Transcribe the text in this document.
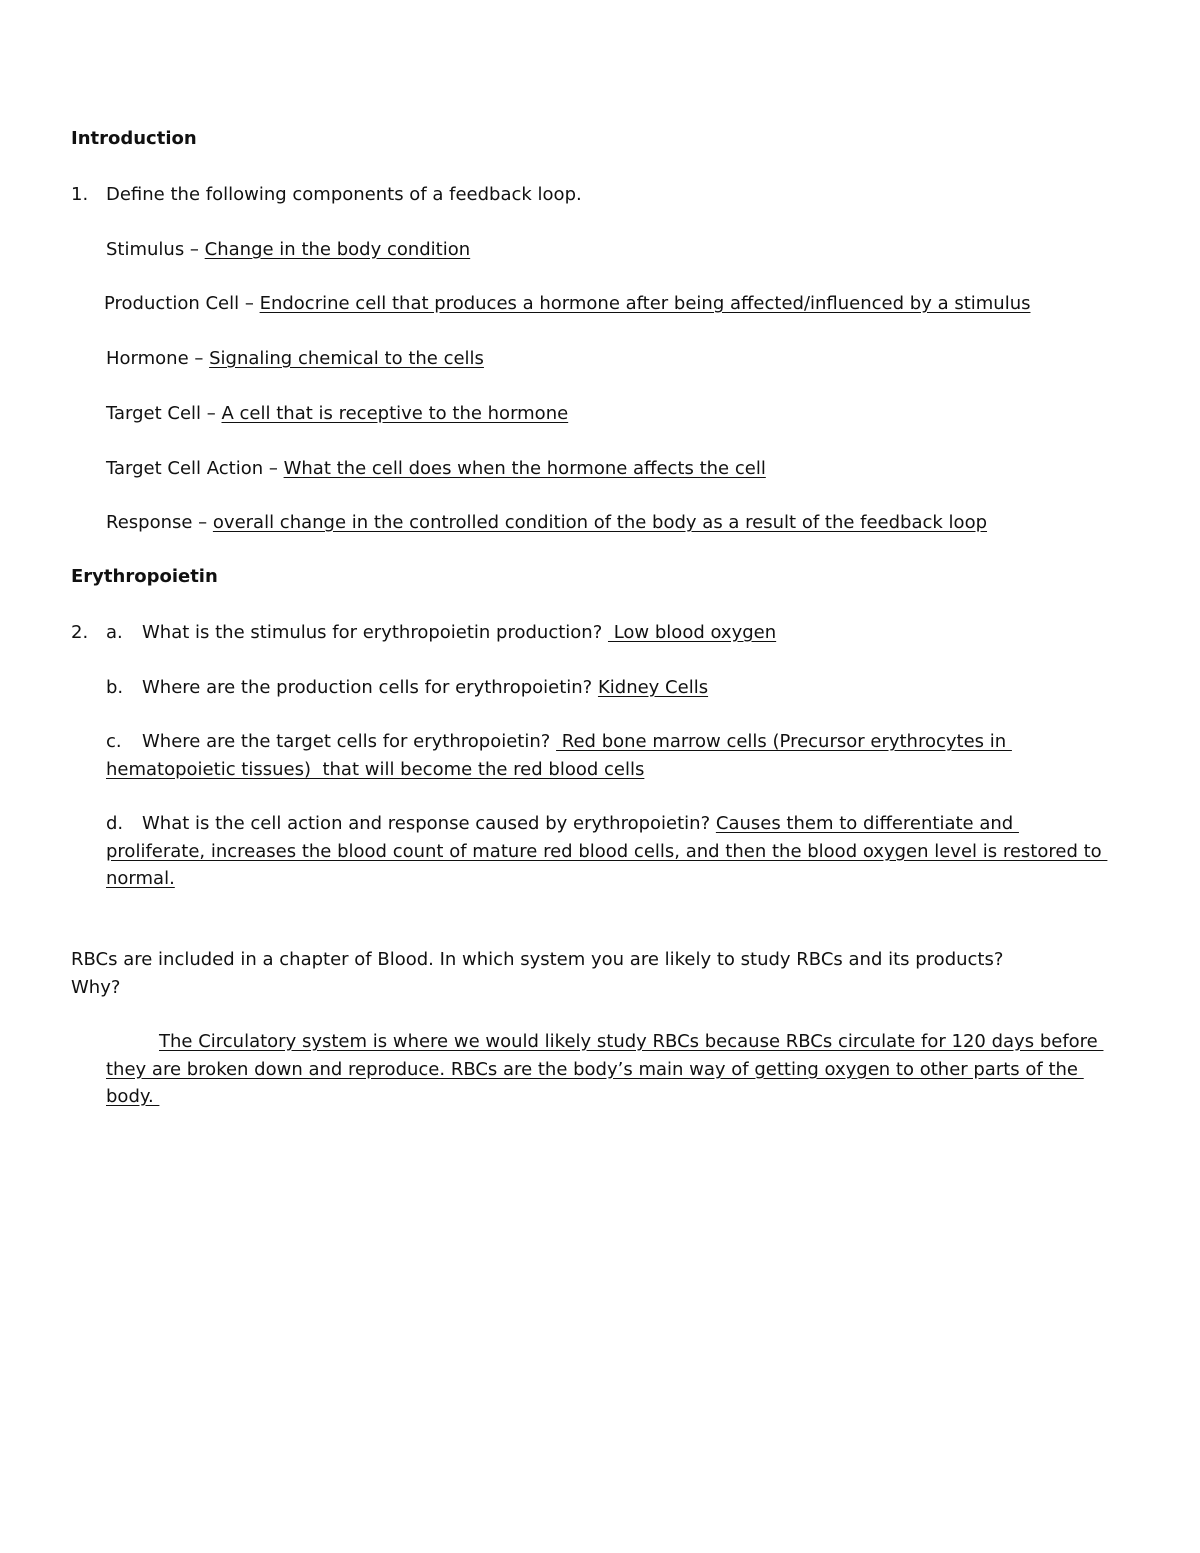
Introduction
1. Define the following components of a feedback loop.
Stimulus – Change in the body condition
Production Cell – Endocrine cell that produces a hormone after being affected/influenced by a stimulus
Hormone – Signaling chemical to the cells
Target Cell – A cell that is receptive to the hormone
Target Cell Action – What the cell does when the hormone affects the cell
Response – overall change in the controlled condition of the body as a result of the feedback loop
Erythropoietin
2. a. What is the stimulus for erythropoietin production?  Low blood oxygen
b. Where are the production cells for erythropoietin? Kidney Cells
c. Where are the target cells for erythropoietin?  Red bone marrow cells (Precursor erythrocytes in
hematopoietic tissues)  that will become the red blood cells
d. What is the cell action and response caused by erythropoietin? Causes them to differentiate and
proliferate, increases the blood count of mature red blood cells, and then the blood oxygen level is restored to
normal.
RBCs are included in a chapter of Blood. In which system you are likely to study RBCs and its products?
Why?
The Circulatory system is where we would likely study RBCs because RBCs circulate for 120 days before
they are broken down and reproduce. RBCs are the body’s main way of getting oxygen to other parts of the
body.
